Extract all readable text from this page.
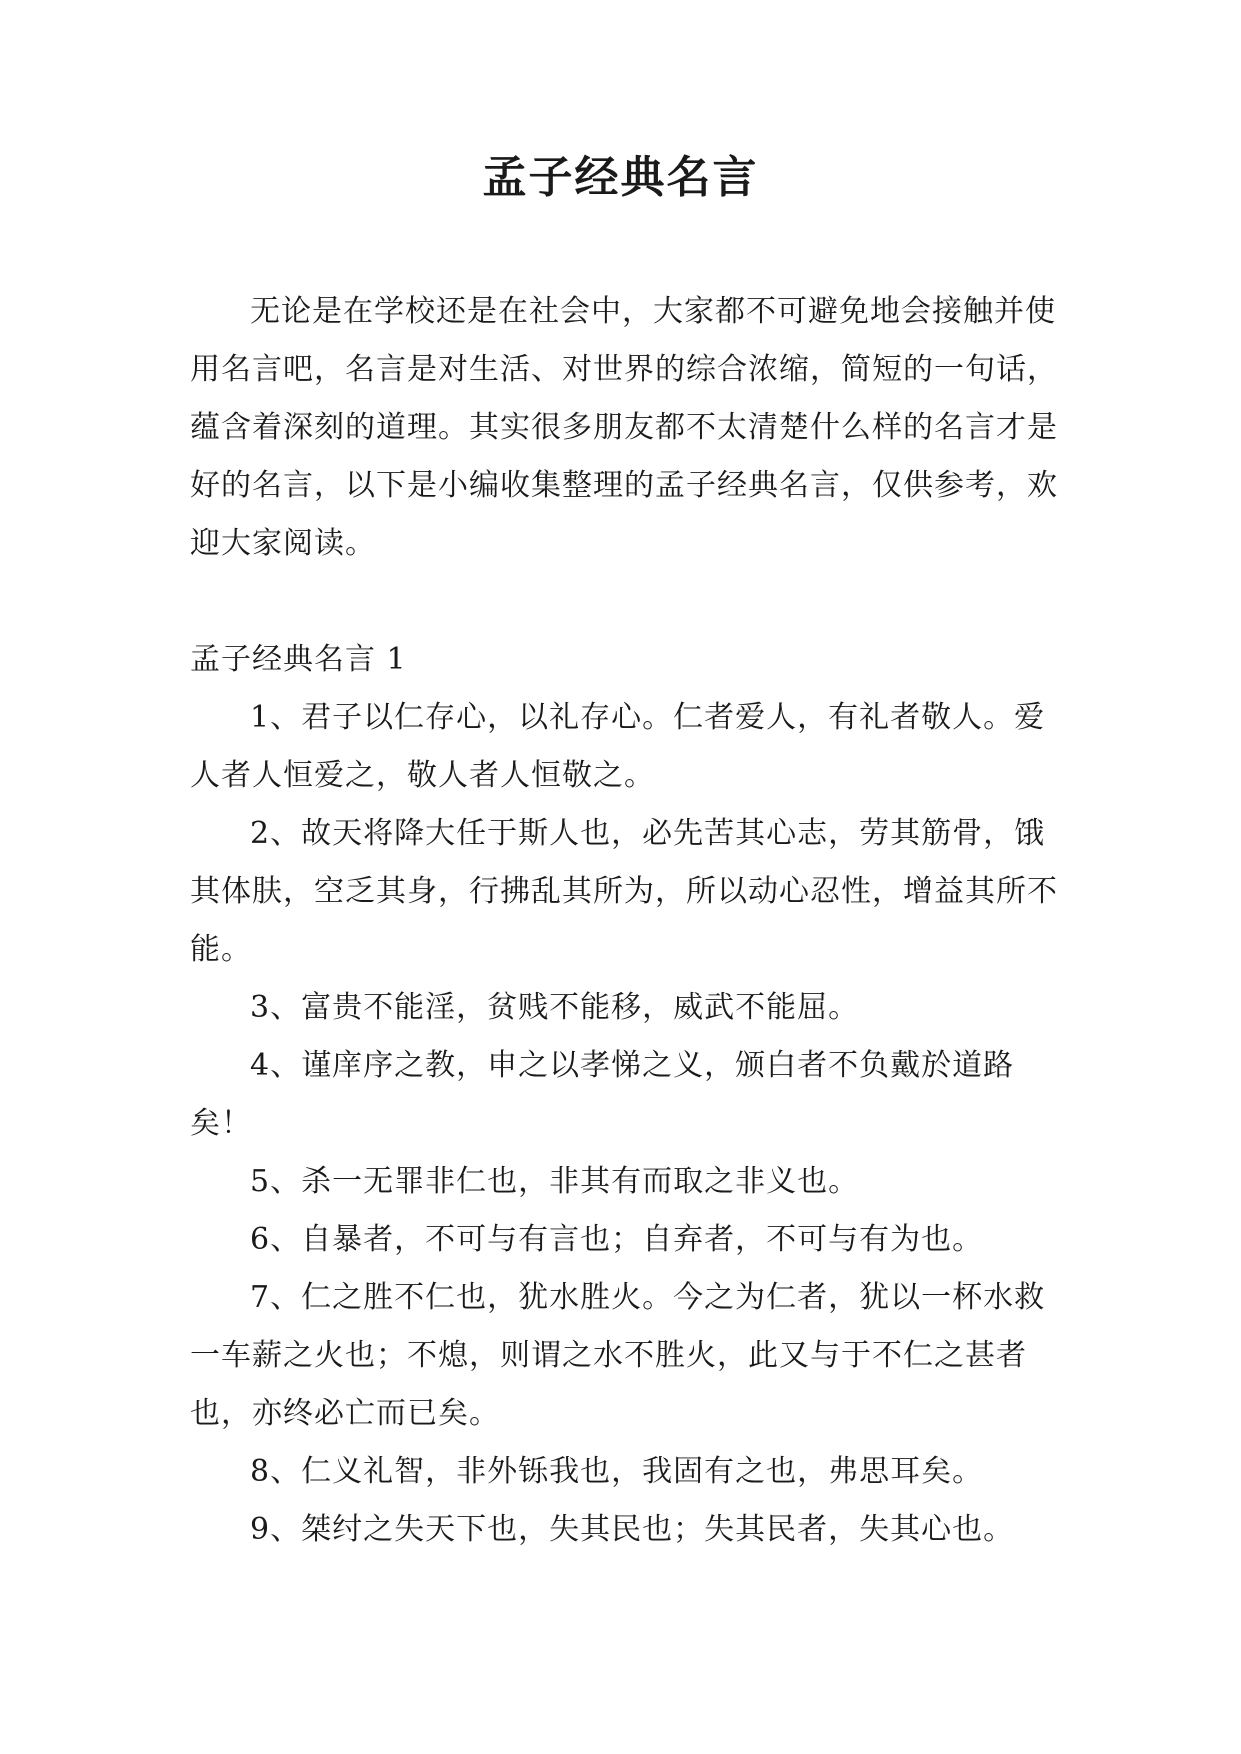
孟子经典名言

无论是在学校还是在社会中，大家都不可避免地会接触并使用名言吧，名言是对生活、对世界的综合浓缩，简短的一句话，蕴含着深刻的道理。其实很多朋友都不太清楚什么样的名言才是好的名言，以下是小编收集整理的孟子经典名言，仅供参考，欢迎大家阅读。

孟子经典名言 1

1、君子以仁存心，以礼存心。仁者爱人，有礼者敬人。爱人者人恒爱之，敬人者人恒敬之。

2、故天将降大任于斯人也，必先苦其心志，劳其筋骨，饿其体肤，空乏其身，行拂乱其所为，所以动心忍性，增益其所不能。

3、富贵不能淫，贫贱不能移，威武不能屈。

4、谨庠序之教，申之以孝悌之义，颁白者不负戴於道路矣！

5、杀一无罪非仁也，非其有而取之非义也。

6、自暴者，不可与有言也；自弃者，不可与有为也。

7、仁之胜不仁也，犹水胜火。今之为仁者，犹以一杯水救一车薪之火也；不熄，则谓之水不胜火，此又与于不仁之甚者也，亦终必亡而已矣。

8、仁义礼智，非外铄我也，我固有之也，弗思耳矣。

9、桀纣之失天下也，失其民也；失其民者，失其心也。
